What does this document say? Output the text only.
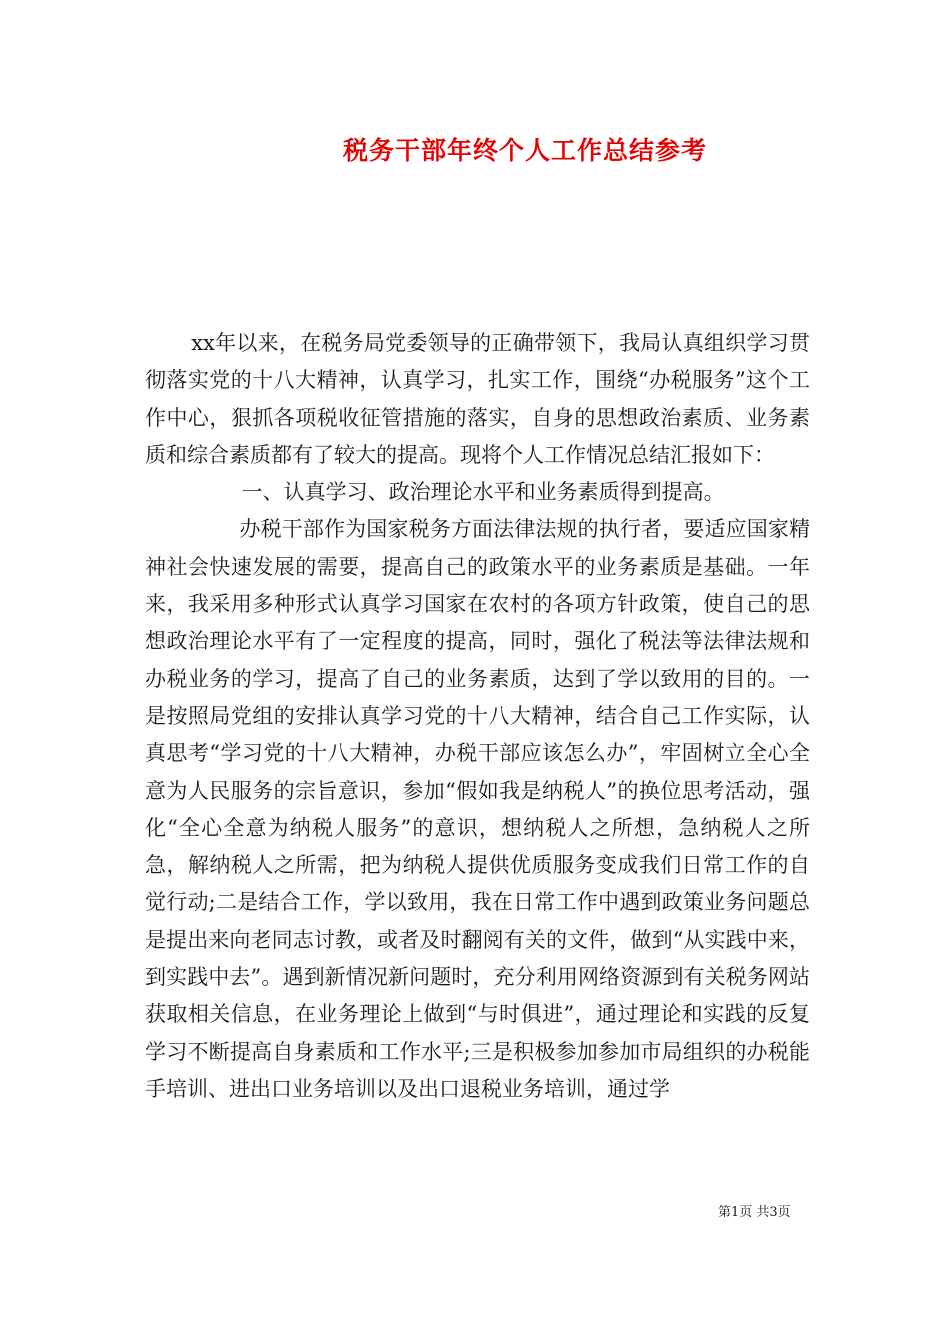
税务干部年终个人工作总结参考

xx年以来，在税务局党委领导的正确带领下，我局认真组织学习贯彻落实党的十八大精神，认真学习，扎实工作，围绕“办税服务”这个工作中心，狠抓各项税收征管措施的落实，自身的思想政治素质、业务素质和综合素质都有了较大的提高。现将个人工作情况总结汇报如下：

一、认真学习、政治理论水平和业务素质得到提高。

办税干部作为国家税务方面法律法规的执行者，要适应国家精神社会快速发展的需要，提高自己的政策水平的业务素质是基础。一年来，我采用多种形式认真学习国家在农村的各项方针政策，使自己的思想政治理论水平有了一定程度的提高，同时，强化了税法等法律法规和办税业务的学习，提高了自己的业务素质，达到了学以致用的目的。一是按照局党组的安排认真学习党的十八大精神，结合自己工作实际，认真思考“学习党的十八大精神，办税干部应该怎么办”，牢固树立全心全意为人民服务的宗旨意识，参加“假如我是纳税人”的换位思考活动，强化“全心全意为纳税人服务”的意识，想纳税人之所想，急纳税人之所急，解纳税人之所需，把为纳税人提供优质服务变成我们日常工作的自觉行动;二是结合工作，学以致用，我在日常工作中遇到政策业务问题总是提出来向老同志讨教，或者及时翻阅有关的文件，做到“从实践中来，到实践中去”。遇到新情况新问题时，充分利用网络资源到有关税务网站获取相关信息，在业务理论上做到“与时俱进”，通过理论和实践的反复学习不断提高自身素质和工作水平;三是积极参加参加市局组织的办税能手培训、进出口业务培训以及出口退税业务培训，通过学

第1页 共3页
